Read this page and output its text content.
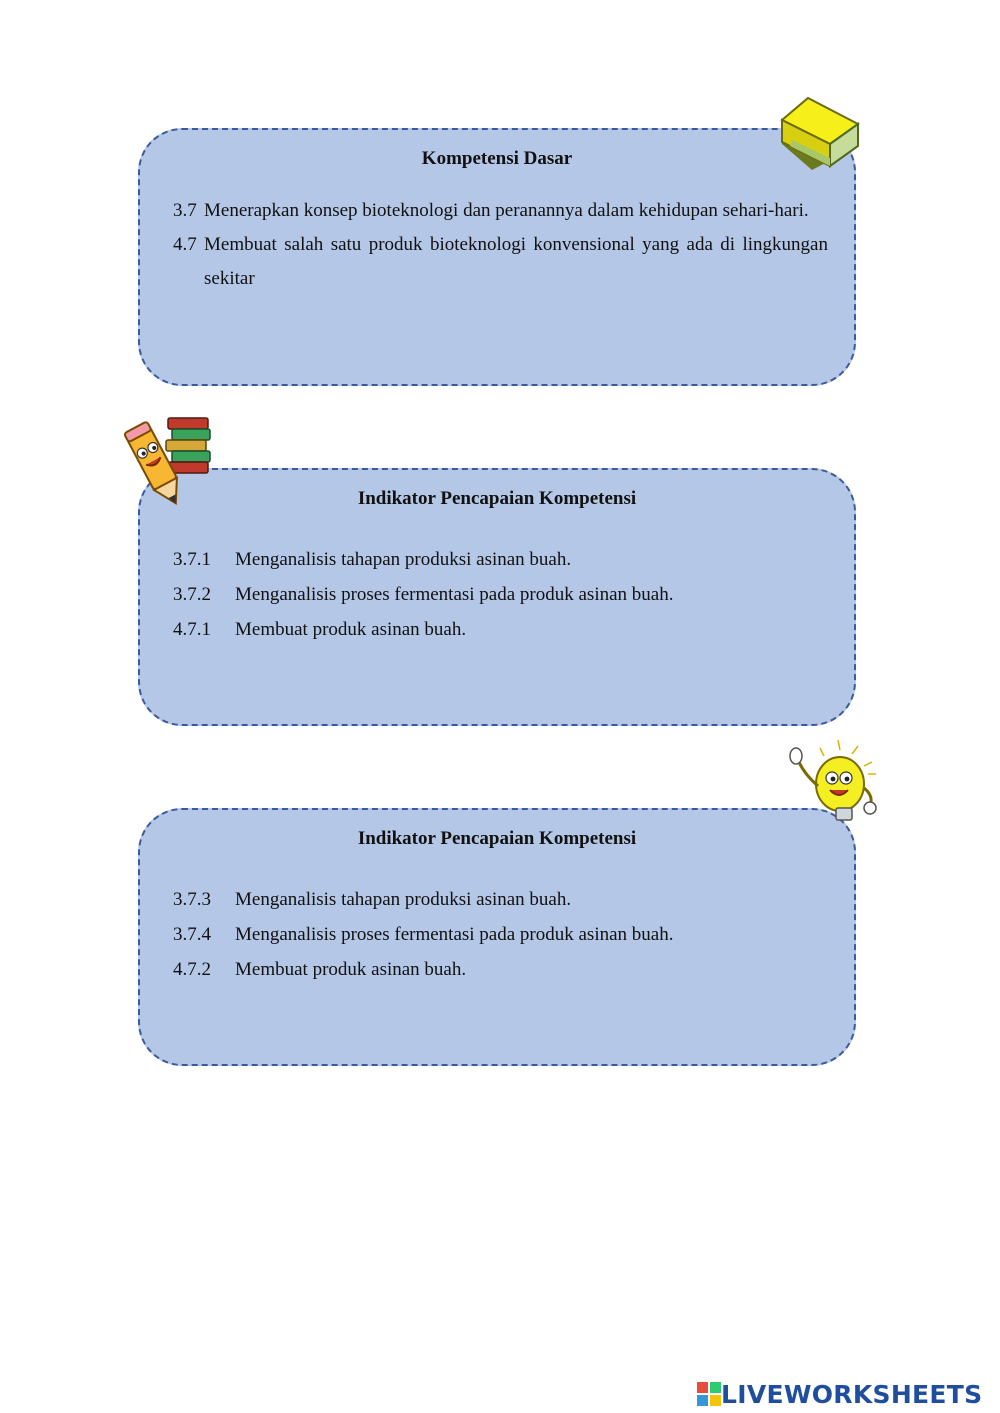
Kompetensi Dasar
3.7 Menerapkan konsep bioteknologi dan peranannya dalam kehidupan sehari-hari.
4.7 Membuat salah satu produk bioteknologi konvensional yang ada di lingkungan sekitar
Indikator Pencapaian Kompetensi
3.7.1	Menganalisis tahapan produksi asinan buah.
3.7.2	Menganalisis proses fermentasi pada produk asinan buah.
4.7.1	Membuat produk asinan buah.
Indikator Pencapaian Kompetensi
3.7.3	Menganalisis tahapan produksi asinan buah.
3.7.4	Menganalisis proses fermentasi pada produk asinan buah.
4.7.2	Membuat produk asinan buah.
LIVEWORKSHEETS
